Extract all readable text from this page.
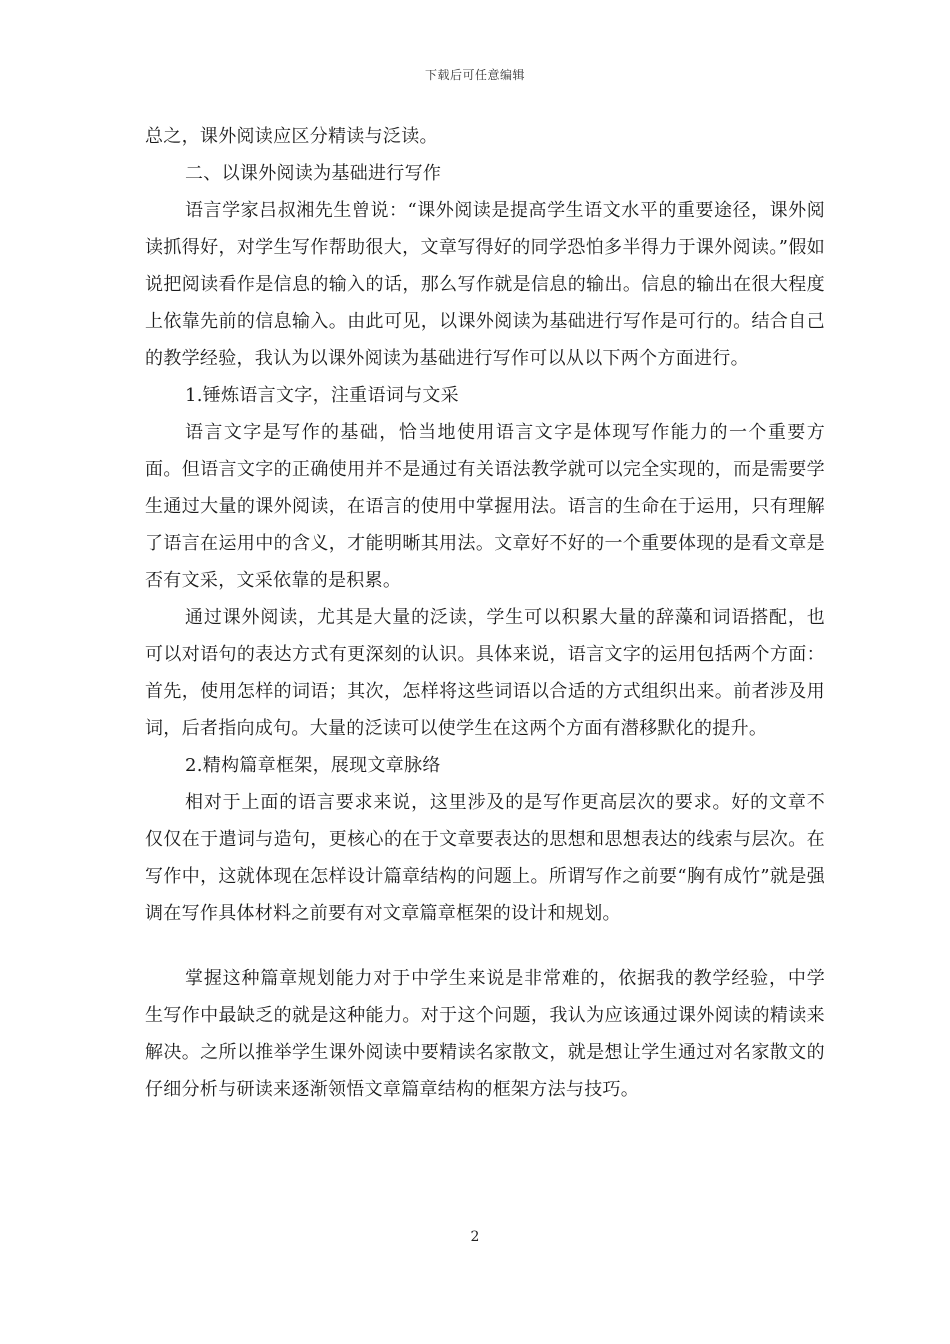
下载后可任意编辑

总之，课外阅读应区分精读与泛读。

二、以课外阅读为基础进行写作

语言学家吕叔湘先生曾说：“课外阅读是提高学生语文水平的重要途径，课外阅读抓得好，对学生写作帮助很大，文章写得好的同学恐怕多半得力于课外阅读。”假如说把阅读看作是信息的输入的话，那么写作就是信息的输出。信息的输出在很大程度上依靠先前的信息输入。由此可见，以课外阅读为基础进行写作是可行的。结合自己的教学经验，我认为以课外阅读为基础进行写作可以从以下两个方面进行。

1.锤炼语言文字，注重语词与文采

语言文字是写作的基础，恰当地使用语言文字是体现写作能力的一个重要方面。但语言文字的正确使用并不是通过有关语法教学就可以完全实现的，而是需要学生通过大量的课外阅读，在语言的使用中掌握用法。语言的生命在于运用，只有理解了语言在运用中的含义，才能明晰其用法。文章好不好的一个重要体现的是看文章是否有文采，文采依靠的是积累。

通过课外阅读，尤其是大量的泛读，学生可以积累大量的辞藻和词语搭配，也可以对语句的表达方式有更深刻的认识。具体来说，语言文字的运用包括两个方面：首先，使用怎样的词语；其次，怎样将这些词语以合适的方式组织出来。前者涉及用词，后者指向成句。大量的泛读可以使学生在这两个方面有潜移默化的提升。

2.精构篇章框架，展现文章脉络

相对于上面的语言要求来说，这里涉及的是写作更高层次的要求。好的文章不仅仅在于遣词与造句，更核心的在于文章要表达的思想和思想表达的线索与层次。在写作中，这就体现在怎样设计篇章结构的问题上。所谓写作之前要“胸有成竹”就是强调在写作具体材料之前要有对文章篇章框架的设计和规划。

掌握这种篇章规划能力对于中学生来说是非常难的，依据我的教学经验，中学生写作中最缺乏的就是这种能力。对于这个问题，我认为应该通过课外阅读的精读来解决。之所以推举学生课外阅读中要精读名家散文，就是想让学生通过对名家散文的仔细分析与研读来逐渐领悟文章篇章结构的框架方法与技巧。

2
